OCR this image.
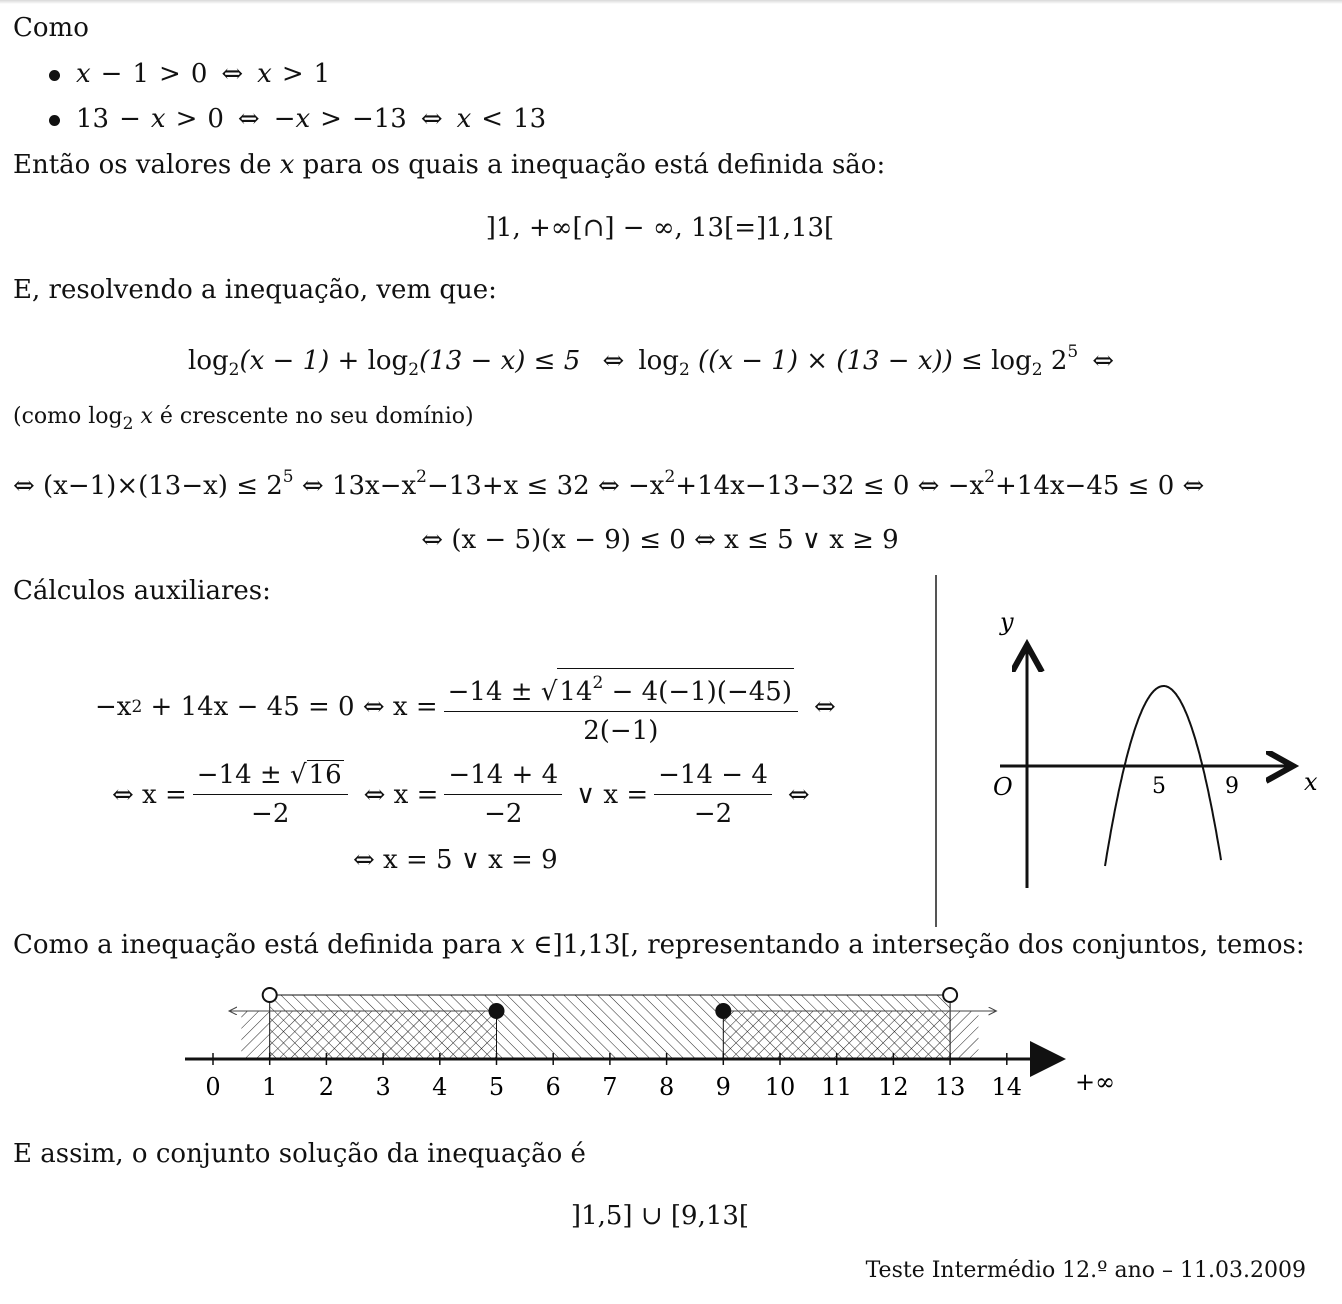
Como
x − 1 > 0 ⇔ x > 1
13 − x > 0 ⇔ −x > −13 ⇔ x < 13
Então os valores de x para os quais a inequação está definida são:
]1, +∞[∩] − ∞, 13[=]1,13[
E, resolvendo a inequação, vem que:
$\log_2(x - 1) + \log_2(13 - x) \le 5$ ⇔ $\log_2 ((x - 1) \times (13 - x)) \le \log_2 2^5$ ⇔
(como $\log_2 x$ é crescente no seu domínio)
⇔ $(x-1)\times(13-x) \le 2^5$ ⇔ $13x-x^2-13+x \le 32$ ⇔ $-x^2+14x-13-32 \le 0$ ⇔ $-x^2+14x-45 \le 0$ ⇔
⇔ (x − 5)(x − 9) ≤ 0 ⇔ x ≤ 5 ∨ x ≥ 9
Cálculos auxiliares:
−x 2
+ 14x − 45 = 0 ⇔ $x = \frac{-14 \pm √14^2 - 4(-1)(-45)}{2(-1)}$ ⇔
⇔ $x = \frac{-14 \pm √16}{-2}$ ⇔ $x = \frac{-14 + 4}{-2}$ ∨ $x = \frac{-14 - 4}{-2}$ ⇔
⇔ x = 5 ∨ x = 9
y
x
O	5	9
Como a inequação está definida para x ∈]1,13[, representando a interseção dos conjuntos, temos:
0 1 2 3 4 5 6 7 8 9 10 11 12 13 14 +∞
E assim, o conjunto solução da inequação é
]1,5] ∪ [9,13[
Teste Intermédio 12.º ano – 11.03.2009
